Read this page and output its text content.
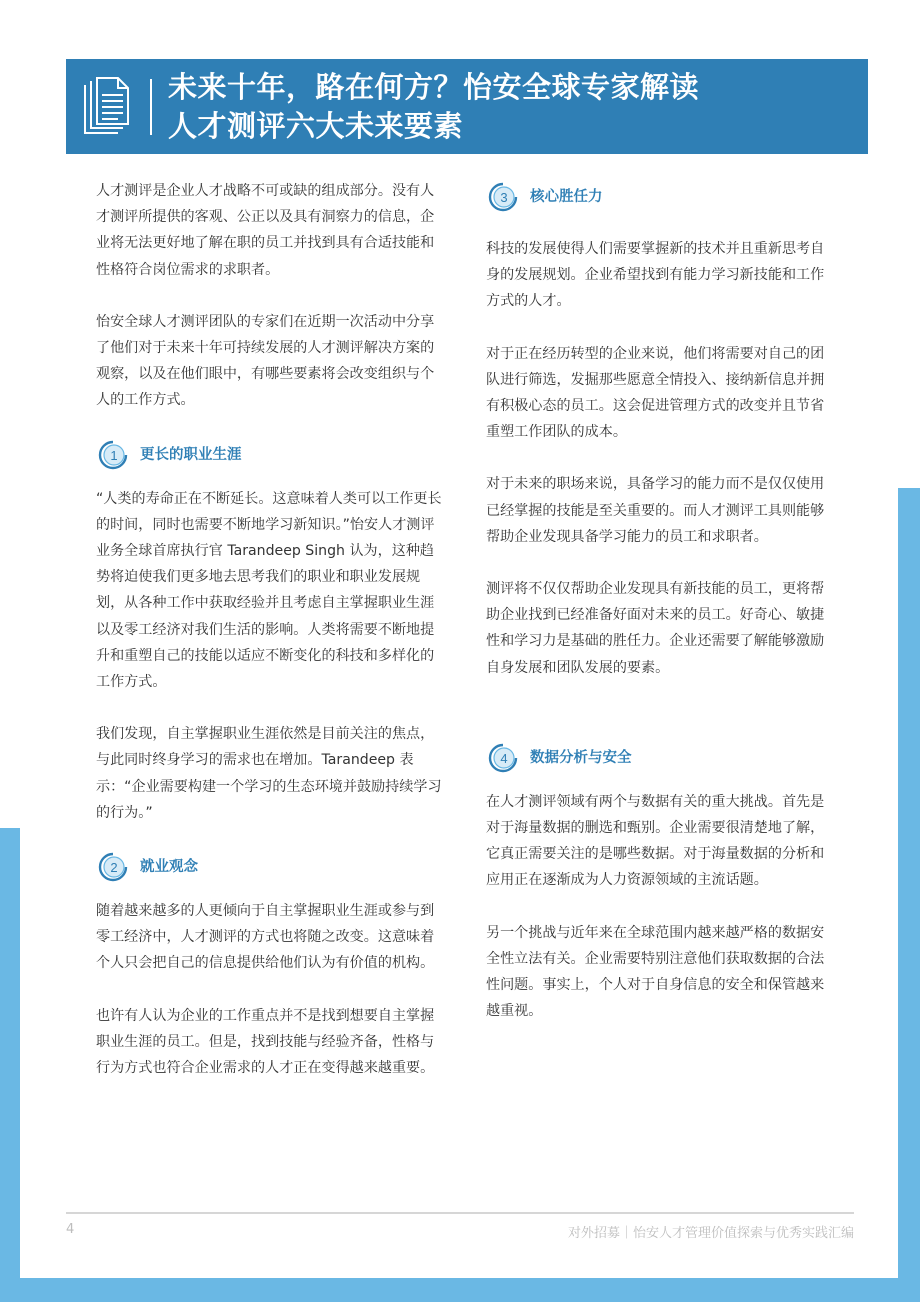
未来十年，路在何方？怡安全球专家解读
人才测评六大未来要素

人才测评是企业人才战略不可或缺的组成部分。没有人才测评所提供的客观、公正以及具有洞察力的信息，企业将无法更好地了解在职的员工并找到具有合适技能和性格符合岗位需求的求职者。

怡安全球人才测评团队的专家们在近期一次活动中分享了他们对于未来十年可持续发展的人才测评解决方案的观察，以及在他们眼中，有哪些要素将会改变组织与个人的工作方式。

1 更长的职业生涯

“人类的寿命正在不断延长。这意味着人类可以工作更长的时间，同时也需要不断地学习新知识。”怡安人才测评业务全球首席执行官 Tarandeep Singh 认为，这种趋势将迫使我们更多地去思考我们的职业和职业发展规划，从各种工作中获取经验并且考虑自主掌握职业生涯以及零工经济对我们生活的影响。人类将需要不断地提升和重塑自己的技能以适应不断变化的科技和多样化的工作方式。

我们发现，自主掌握职业生涯依然是目前关注的焦点，与此同时终身学习的需求也在增加。Tarandeep 表示：“企业需要构建一个学习的生态环境并鼓励持续学习的行为。”

2 就业观念

随着越来越多的人更倾向于自主掌握职业生涯或参与到零工经济中，人才测评的方式也将随之改变。这意味着个人只会把自己的信息提供给他们认为有价值的机构。

也许有人认为企业的工作重点并不是找到想要自主掌握职业生涯的员工。但是，找到技能与经验齐备，性格与行为方式也符合企业需求的人才正在变得越来越重要。

3 核心胜任力

科技的发展使得人们需要掌握新的技术并且重新思考自身的发展规划。企业希望找到有能力学习新技能和工作方式的人才。

对于正在经历转型的企业来说，他们将需要对自己的团队进行筛选，发掘那些愿意全情投入、接纳新信息并拥有积极心态的员工。这会促进管理方式的改变并且节省重塑工作团队的成本。

对于未来的职场来说，具备学习的能力而不是仅仅使用已经掌握的技能是至关重要的。而人才测评工具则能够帮助企业发现具备学习能力的员工和求职者。

测评将不仅仅帮助企业发现具有新技能的员工，更将帮助企业找到已经准备好面对未来的员工。好奇心、敏捷性和学习力是基础的胜任力。企业还需要了解能够激励自身发展和团队发展的要素。

4 数据分析与安全

在人才测评领域有两个与数据有关的重大挑战。首先是对于海量数据的删选和甄别。企业需要很清楚地了解，它真正需要关注的是哪些数据。对于海量数据的分析和应用正在逐渐成为人力资源领域的主流话题。

另一个挑战与近年来在全球范围内越来越严格的数据安全性立法有关。企业需要特别注意他们获取数据的合法性问题。事实上，个人对于自身信息的安全和保管越来越重视。

4	对外招募｜怡安人才管理价值探索与优秀实践汇编
